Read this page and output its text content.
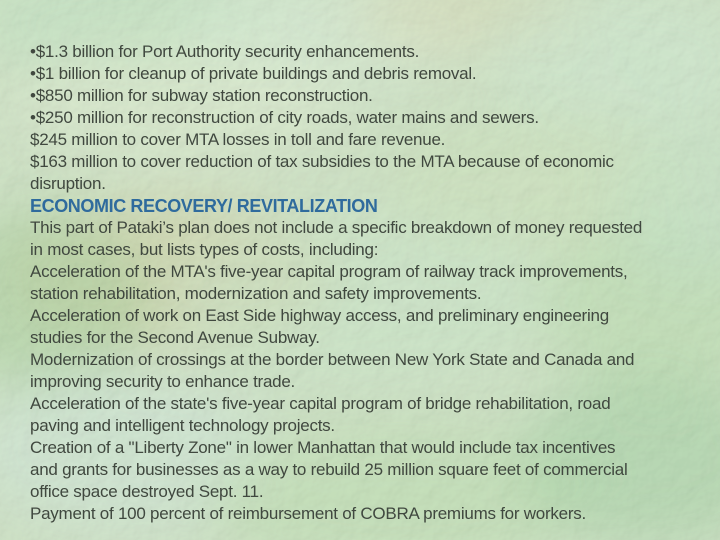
•$1.3 billion for Port Authority security enhancements.
•$1 billion for cleanup of private buildings and debris removal.
•$850 million for subway station reconstruction.
•$250 million for reconstruction of city roads, water mains and sewers.
$245 million to cover MTA losses in toll and fare revenue.
$163 million to cover reduction of tax subsidies to the MTA because of economic
disruption.
ECONOMIC RECOVERY/ REVITALIZATION
This part of Pataki’s plan does not include a specific breakdown of money requested
in most cases, but lists types of costs, including:
Acceleration of the MTA's five-year capital program of railway track improvements,
station rehabilitation, modernization and safety improvements.
Acceleration of work on East Side highway access, and preliminary engineering
studies for the Second Avenue Subway.
Modernization of crossings at the border between New York State and Canada and
improving security to enhance trade.
Acceleration of the state's five-year capital program of bridge rehabilitation, road
paving and intelligent technology projects.
Creation of a "Liberty Zone" in lower Manhattan that would include tax incentives
and grants for businesses as a way to rebuild 25 million square feet of commercial
office space destroyed Sept. 11.
Payment of 100 percent of reimbursement of COBRA premiums for workers.
